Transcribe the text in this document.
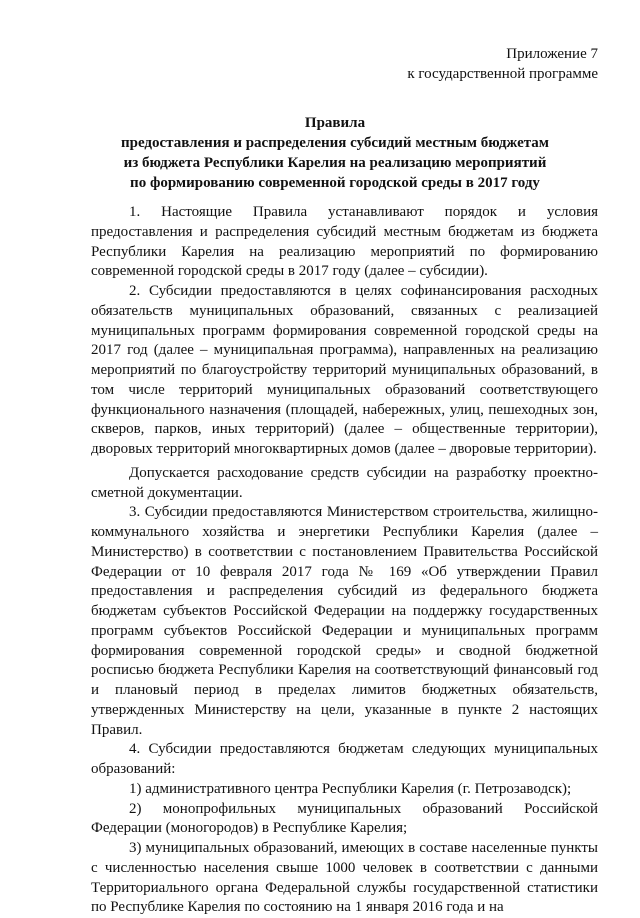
Приложение 7
к государственной программе
Правила
предоставления и распределения субсидий местным бюджетам
из бюджета Республики Карелия на реализацию мероприятий
по формированию современной городской среды в 2017 году

1. Настоящие Правила устанавливают порядок и условия предоставления и распределения субсидий местным бюджетам из бюджета Республики Карелия на реализацию мероприятий по формированию современной городской среды в 2017 году (далее – субсидии).

2. Субсидии предоставляются в целях софинансирования расходных обязательств муниципальных образований, связанных с реализацией муниципальных программ формирования современной городской среды на 2017 год (далее – муниципальная программа), направленных на реализацию мероприятий по благоустройству территорий муниципальных образований, в том числе территорий муниципальных образований соответствующего функционального назначения (площадей, набережных, улиц, пешеходных зон, скверов, парков, иных территорий) (далее – общественные территории), дворовых территорий многоквартирных домов (далее – дворовые территории).

Допускается расходование средств субсидии на разработку проектно-сметной документации.

3. Субсидии предоставляются Министерством строительства, жилищно-коммунального хозяйства и энергетики Республики Карелия (далее – Министерство) в соответствии с постановлением Правительства Российской Федерации от 10 февраля 2017 года № 169 «Об утверждении Правил предоставления и распределения субсидий из федерального бюджета бюджетам субъектов Российской Федерации на поддержку государственных программ субъектов Российской Федерации и муниципальных программ формирования современной городской среды» и сводной бюджетной росписью бюджета Республики Карелия на соответствующий финансовый год и плановый период в пределах лимитов бюджетных обязательств, утвержденных Министерству на цели, указанные в пункте 2 настоящих Правил.

4. Субсидии предоставляются бюджетам следующих муниципальных образований:

1) административного центра Республики Карелия (г. Петрозаводск);

2) монопрофильных муниципальных образований Российской Федерации (моногородов) в Республике Карелия;

3) муниципальных образований, имеющих в составе населенные пункты с численностью населения свыше 1000 человек в соответствии с данными Территориального органа Федеральной службы государственной статистики по Республике Карелия по состоянию на 1 января 2016 года и на
